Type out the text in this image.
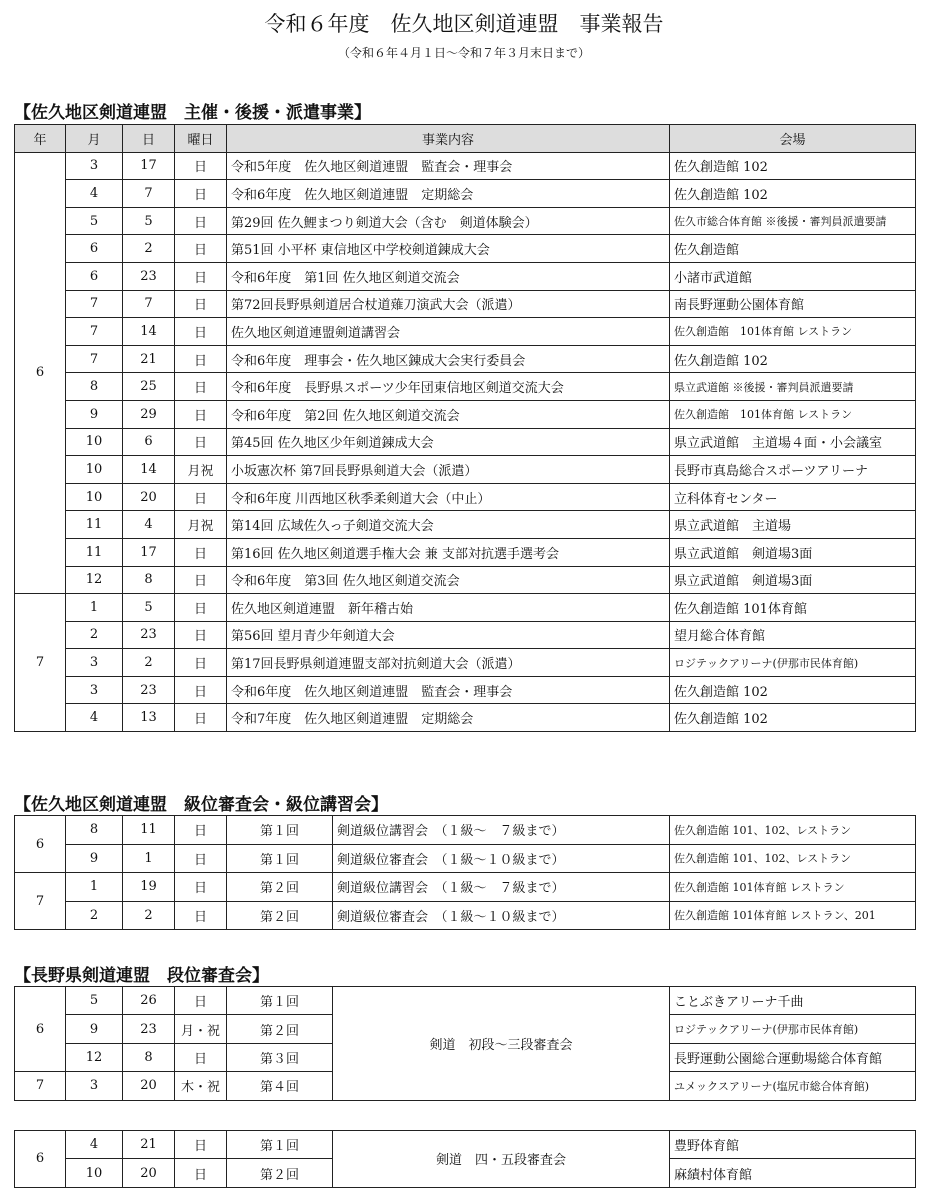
令和６年度　佐久地区剣道連盟　事業報告
（令和６年４月１日〜令和７年３月末日まで）
【佐久地区剣道連盟　主催・後援・派遣事業】
年	月	日	曜日	事業内容	会場
6	3	17	日	令和5年度　佐久地区剣道連盟　監査会・理事会	佐久創造館 102
	4	7	日	令和6年度　佐久地区剣道連盟　定期総会	佐久創造館 102
	5	5	日	第29回 佐久鯉まつり剣道大会（含む　剣道体験会）	佐久市総合体育館 ※後援・審判員派遣要請
	6	2	日	第51回 小平杯 東信地区中学校剣道錬成大会	佐久創造館
	6	23	日	令和6年度　第1回 佐久地区剣道交流会	小諸市武道館
	7	7	日	第72回長野県剣道居合杖道薙刀演武大会（派遣）	南長野運動公園体育館
	7	14	日	佐久地区剣道連盟剣道講習会	佐久創造館　101体育館 レストラン
	7	21	日	令和6年度　理事会・佐久地区錬成大会実行委員会	佐久創造館 102
	8	25	日	令和6年度　長野県スポーツ少年団東信地区剣道交流大会	県立武道館 ※後援・審判員派遣要請
	9	29	日	令和6年度　第2回 佐久地区剣道交流会	佐久創造館　101体育館 レストラン
	10	6	日	第45回 佐久地区少年剣道錬成大会	県立武道館　主道場４面・小会議室
	10	14	月祝	小坂憲次杯 第7回長野県剣道大会（派遣）	長野市真島総合スポーツアリーナ
	10	20	日	令和6年度 川西地区秋季柔剣道大会（中止）	立科体育センター
	11	4	月祝	第14回 広域佐久っ子剣道交流大会	県立武道館　主道場
	11	17	日	第16回 佐久地区剣道選手権大会 兼 支部対抗選手選考会	県立武道館　剣道場3面
	12	8	日	令和6年度　第3回 佐久地区剣道交流会	県立武道館　剣道場3面
7	1	5	日	佐久地区剣道連盟　新年稽古始	佐久創造館 101体育館
	2	23	日	第56回 望月青少年剣道大会	望月総合体育館
	3	2	日	第17回長野県剣道連盟支部対抗剣道大会（派遣）	ロジテックアリーナ(伊那市民体育館)
	3	23	日	令和6年度　佐久地区剣道連盟　監査会・理事会	佐久創造館 102
	4	13	日	令和7年度　佐久地区剣道連盟　定期総会	佐久創造館 102
【佐久地区剣道連盟　級位審査会・級位講習会】
6	8	11	日	第１回	剣道級位講習会　（１級〜　７級まで）	佐久創造館 101、102、レストラン
	9	1	日	第１回	剣道級位審査会　（１級〜１０級まで）	佐久創造館 101、102、レストラン
7	1	19	日	第２回	剣道級位講習会　（１級〜　７級まで）	佐久創造館 101体育館 レストラン
	2	2	日	第２回	剣道級位審査会　（１級〜１０級まで）	佐久創造館 101体育館 レストラン、201
【長野県剣道連盟　段位審査会】
6	5	26	日	第１回	剣道　初段〜三段審査会	ことぶきアリーナ千曲
	9	23	月・祝	第２回		ロジテックアリーナ(伊那市民体育館)
	12	8	日	第３回		長野運動公園総合運動場総合体育館
7	3	20	木・祝	第４回		ユメックスアリーナ(塩尻市総合体育館)
6	4	21	日	第１回	剣道　四・五段審査会	豊野体育館
	10	20	日	第２回		麻績村体育館
